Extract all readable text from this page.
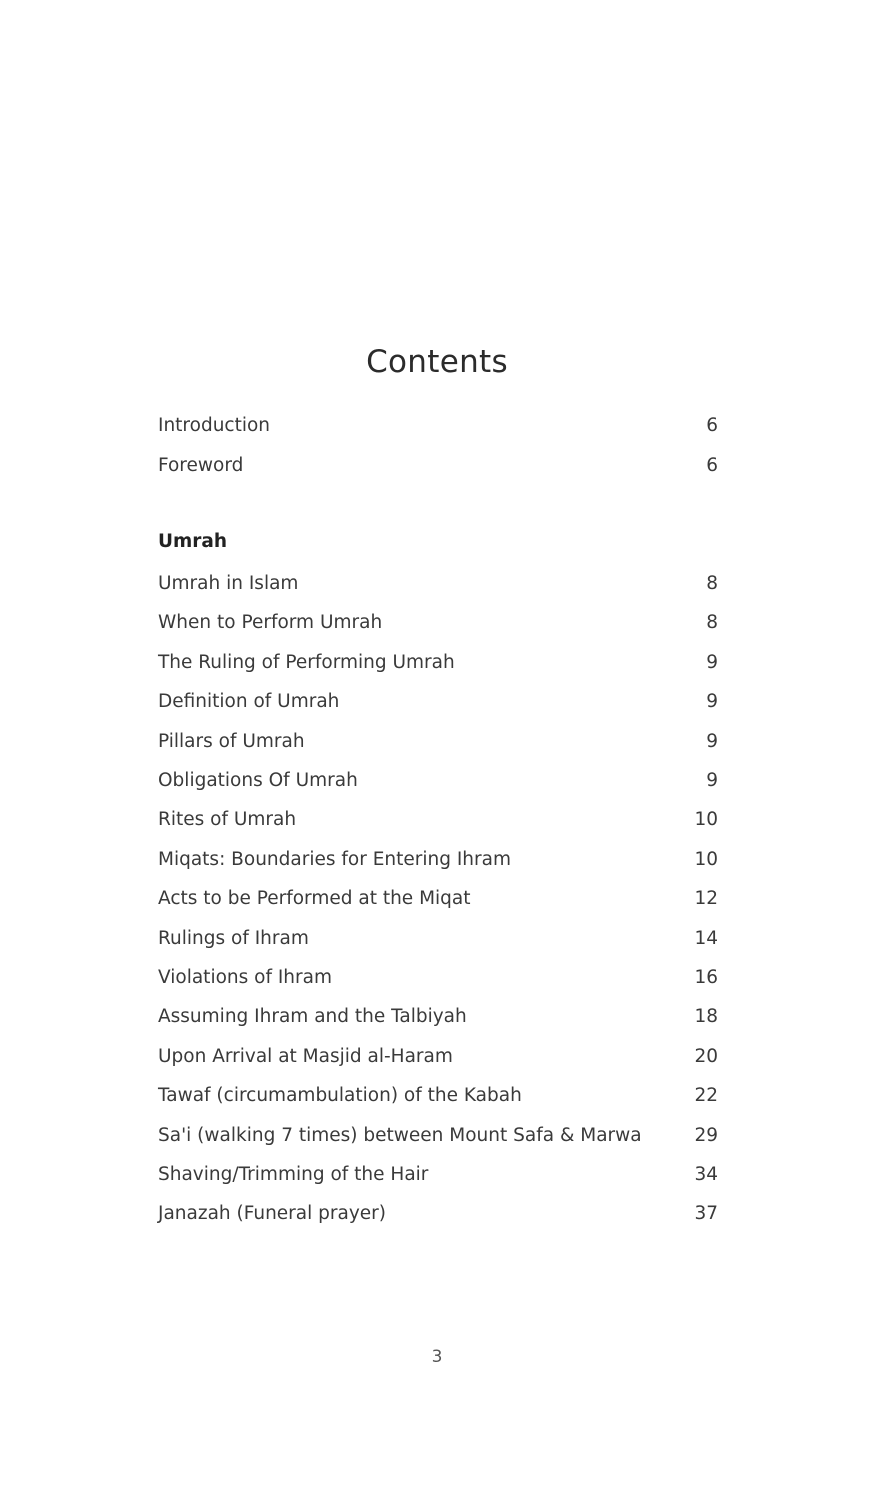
Contents
Introduction	6
Foreword	6
Umrah
Umrah in Islam	8
When to Perform Umrah	8
The Ruling of Performing Umrah	9
Definition of Umrah	9
Pillars of Umrah	9
Obligations Of Umrah	9
Rites of Umrah	10
Miqats: Boundaries for Entering Ihram	10
Acts to be Performed at the Miqat	12
Rulings of Ihram	14
Violations of Ihram	16
Assuming Ihram and the Talbiyah	18
Upon Arrival at Masjid al-Haram	20
Tawaf (circumambulation) of the Kabah	22
Sa'i (walking 7 times) between Mount Safa & Marwa	29
Shaving/Trimming of the Hair	34
Janazah (Funeral prayer)	37
3
